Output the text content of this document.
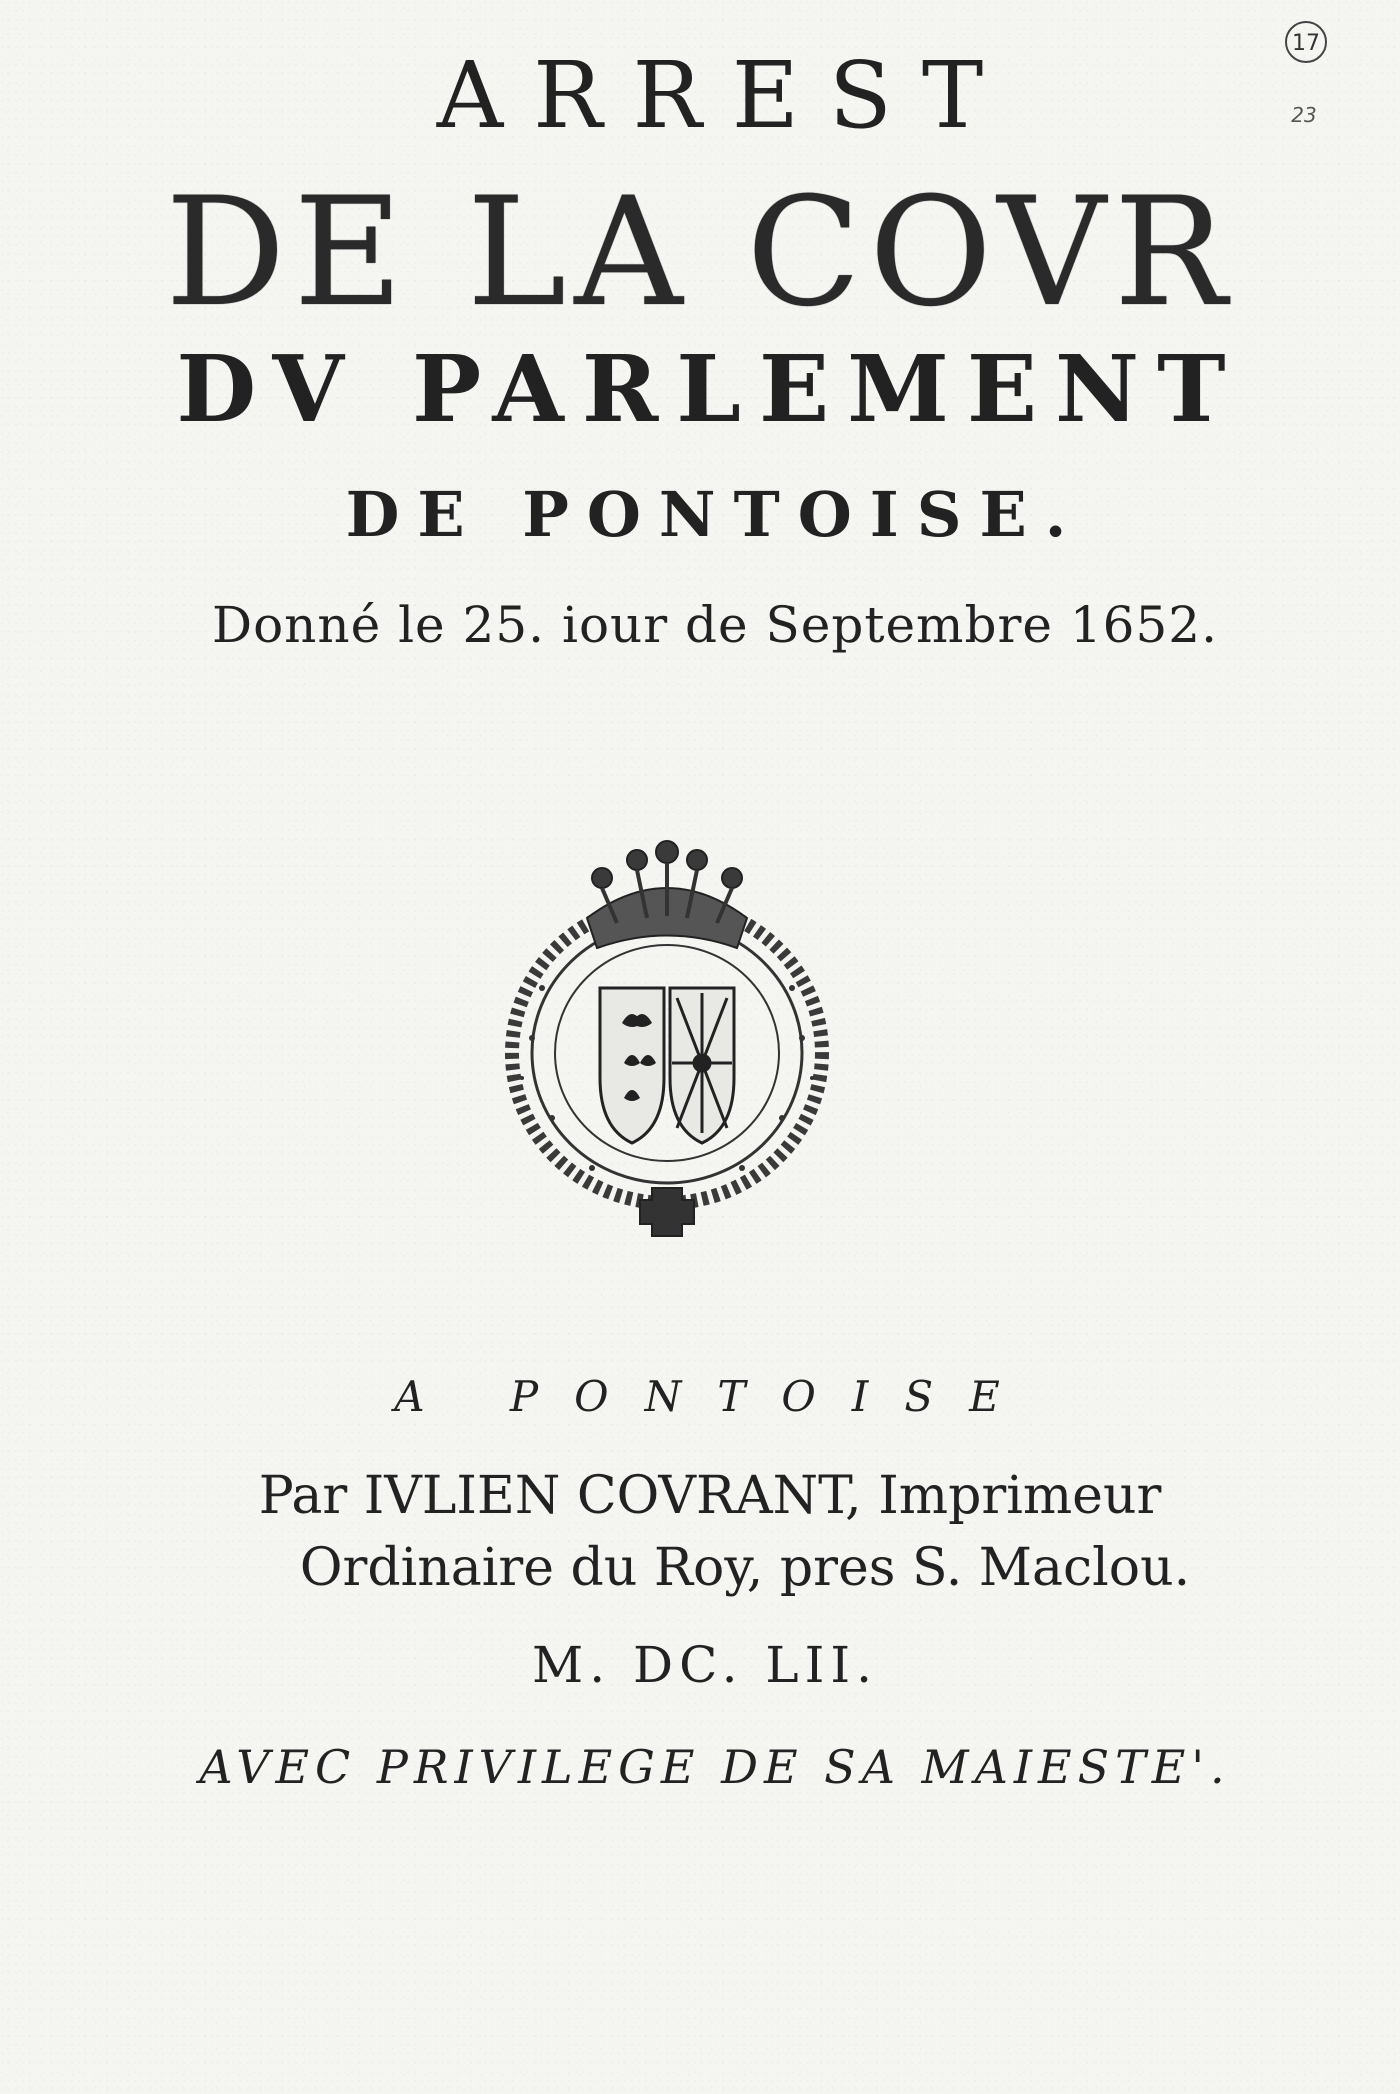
17
23
ARREST
DE LA COVR
DV PARLEMENT
DE PONTOISE.

Donné le 25. iour de Septembre 1652.

A PONTOISE

Par IVLIEN COVRANT, Imprimeur

Ordinaire du Roy, pres S. Maclou.

M. DC. LII.

AVEC PRIVILEGE DE SA MAIESTE'.
